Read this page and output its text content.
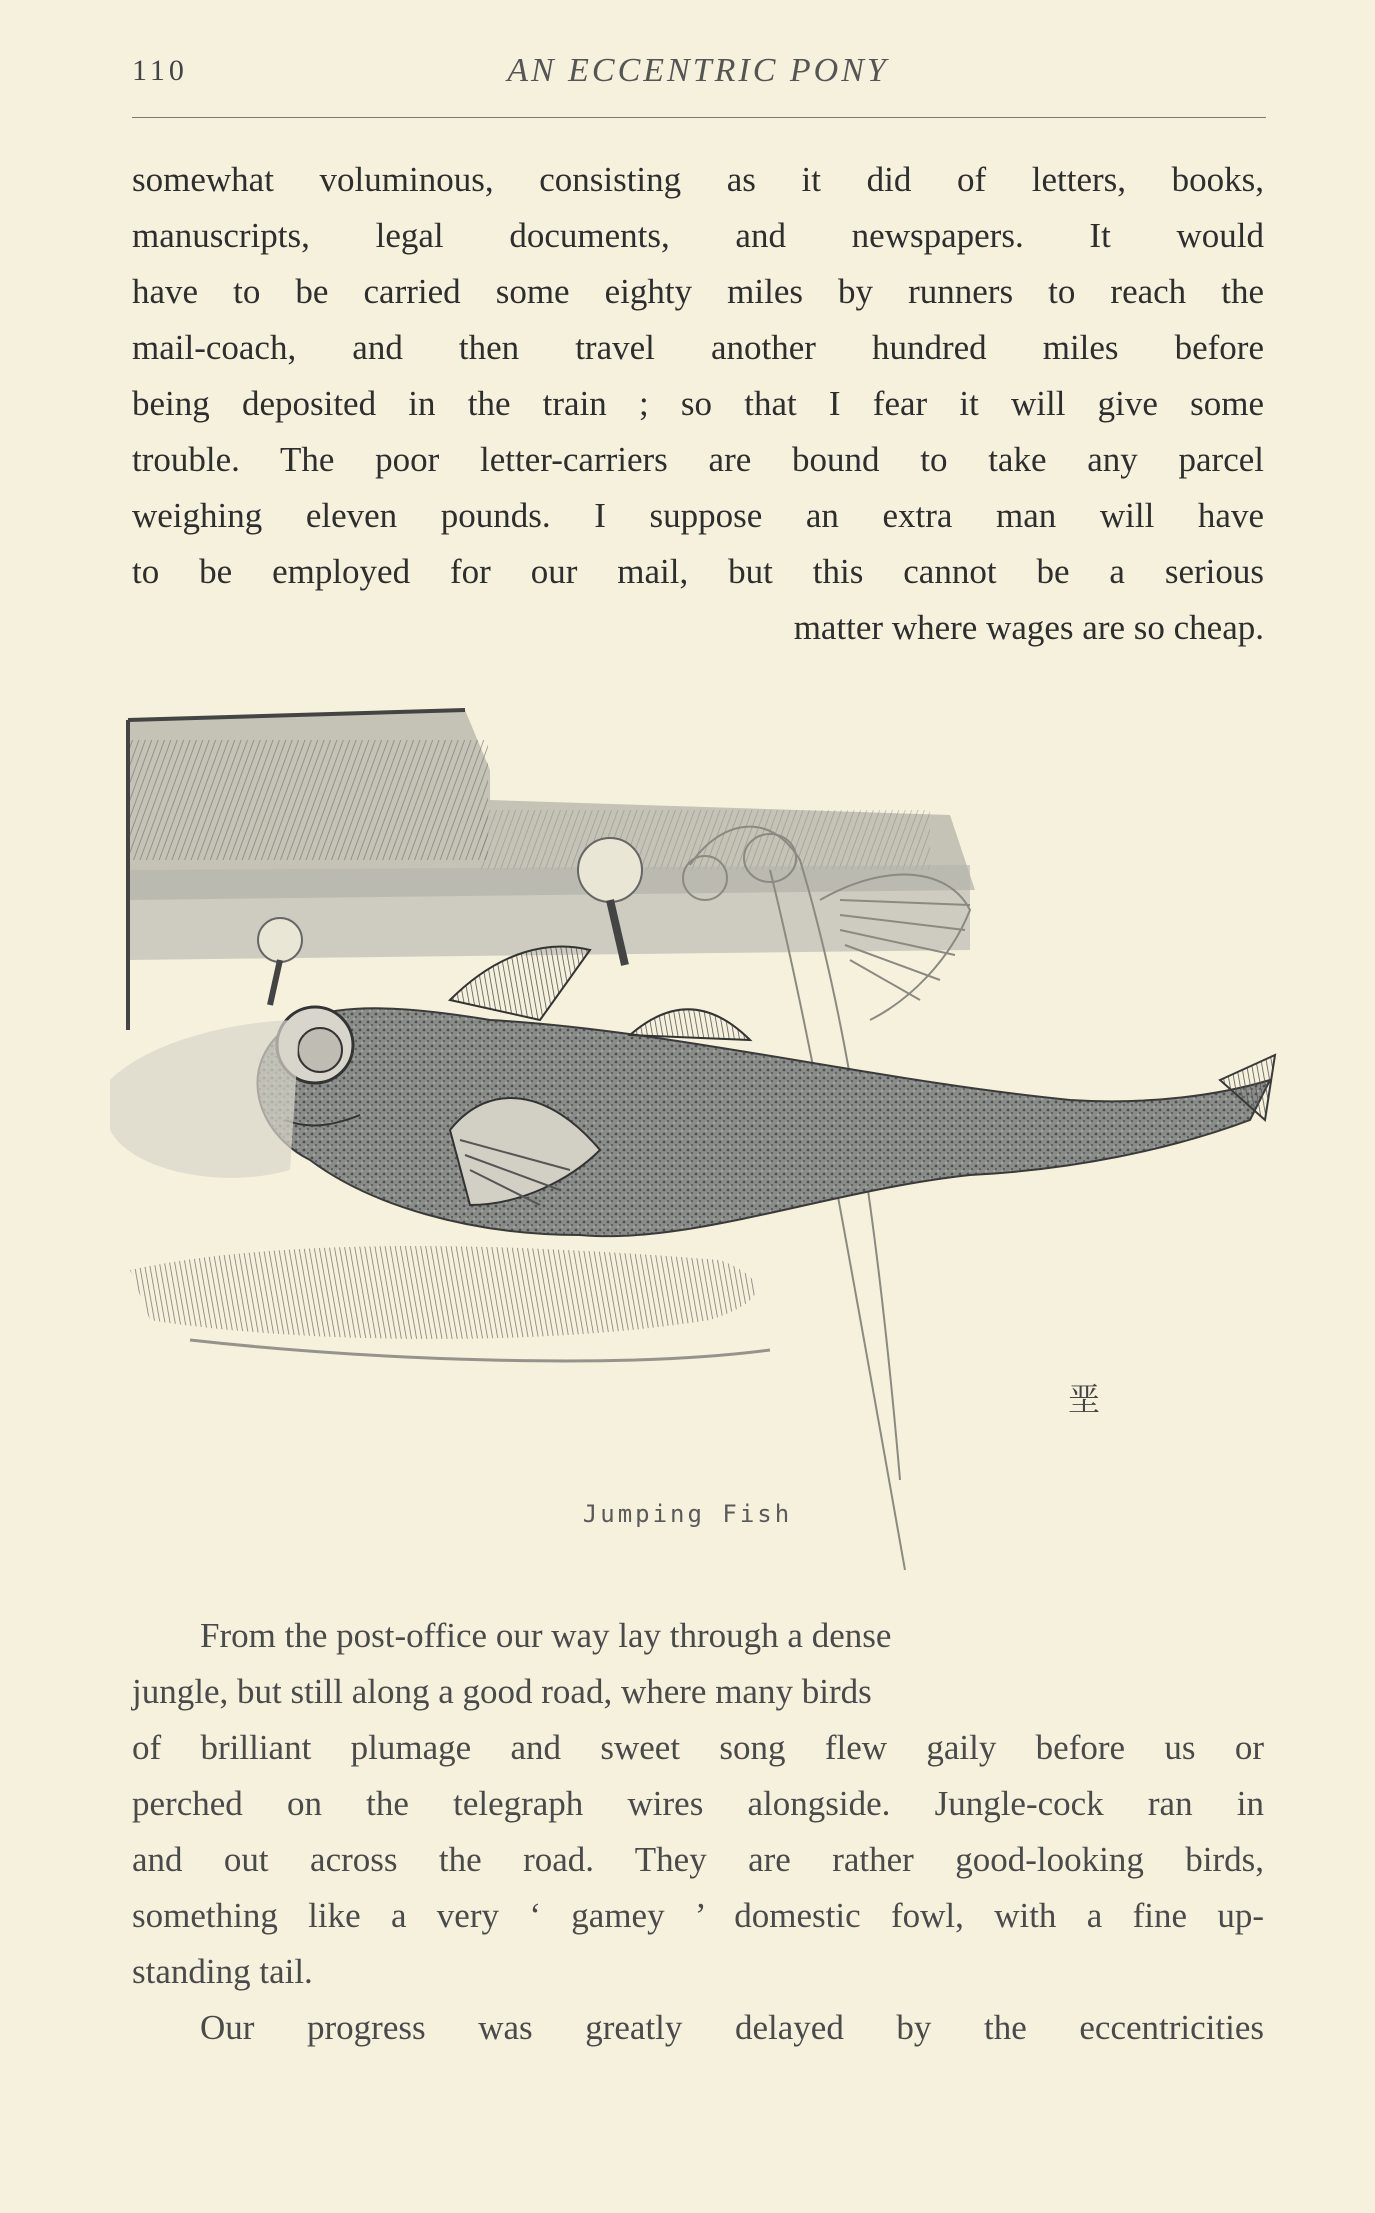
110	AN ECCENTRIC PONY
somewhat voluminous, consisting as it did of letters, books,
manuscripts, legal documents, and newspapers. It would
have to be carried some eighty miles by runners to reach the
mail-coach, and then travel another hundred miles before
being deposited in the train ; so that I fear it will give some
trouble. The poor letter-carriers are bound to take any parcel
weighing eleven pounds. I suppose an extra man will have
to be employed for our mail, but this cannot be a serious
matter where wages are so cheap.
垩
Jumping Fish
From the post-office our way lay through a dense
jungle, but still along a good road, where many birds
of brilliant plumage and sweet song flew gaily before us or
perched on the telegraph wires alongside. Jungle-cock ran in
and out across the road. They are rather good-looking birds,
something like a very ‘ gamey ’ domestic fowl, with a fine up-
standing tail.
Our progress was greatly delayed by the eccentricities
